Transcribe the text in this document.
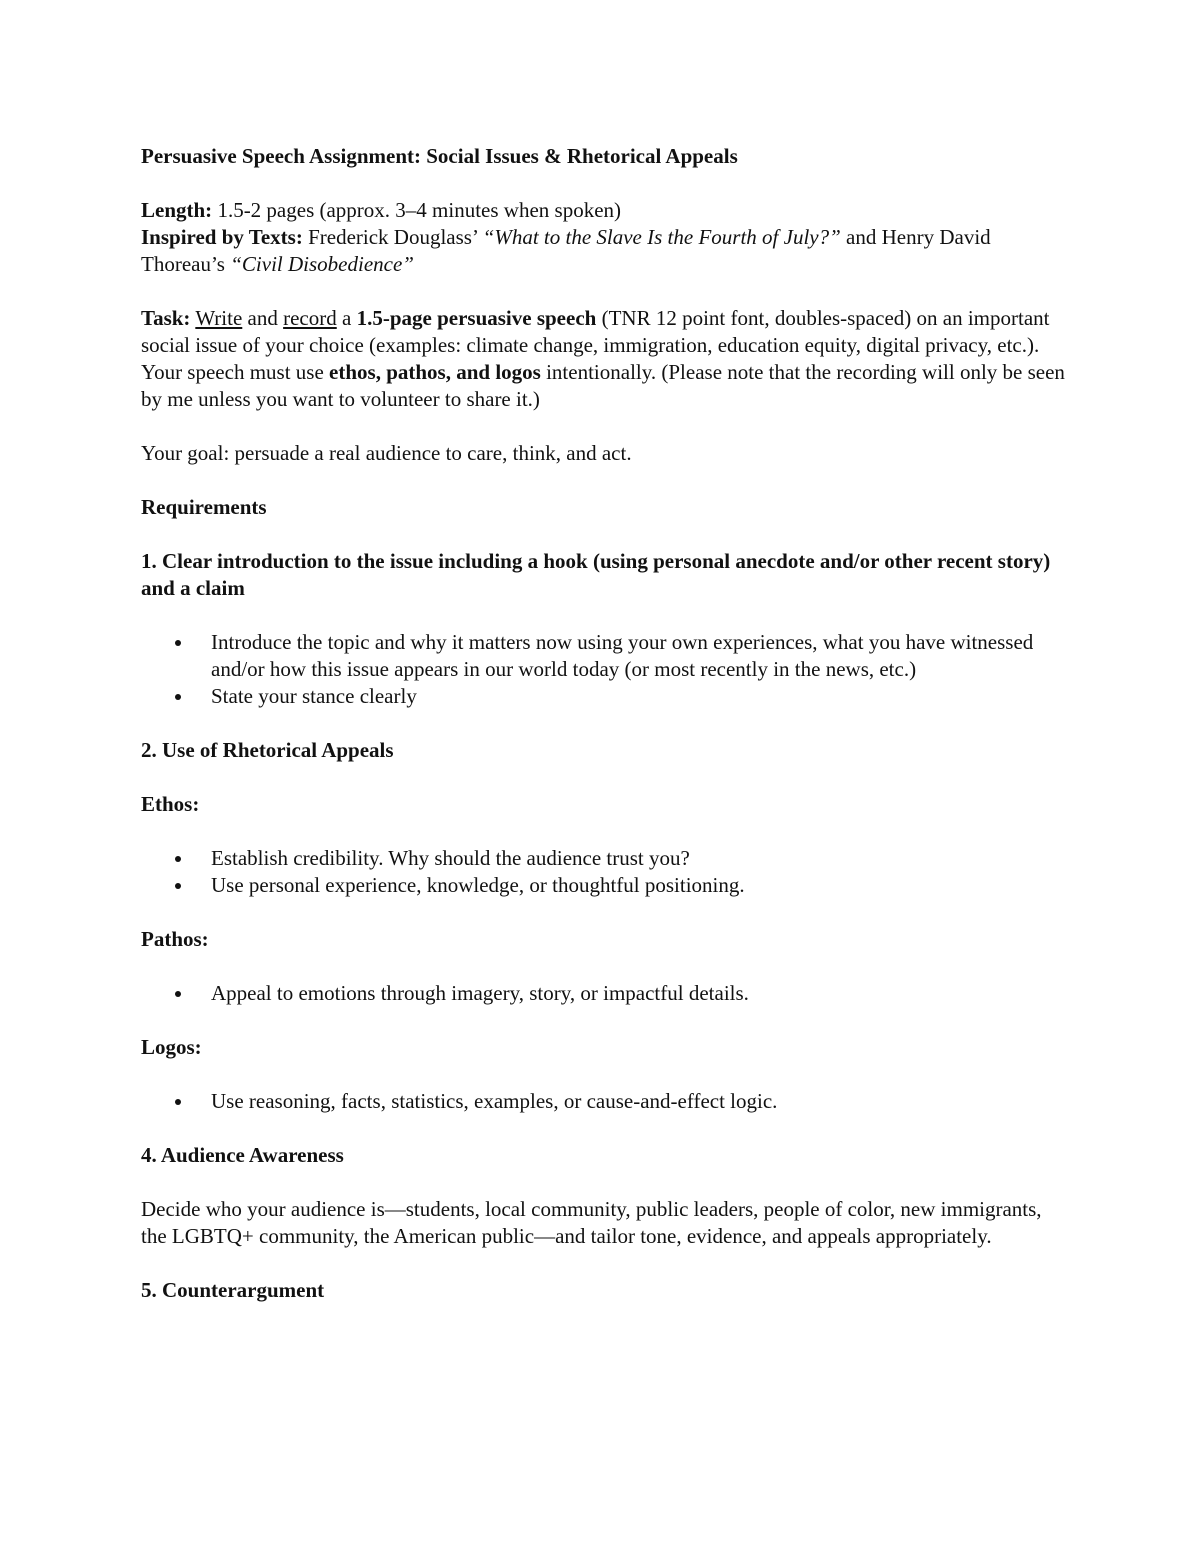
Persuasive Speech Assignment: Social Issues & Rhetorical Appeals

Length: 1.5-2 pages (approx. 3–4 minutes when spoken)

Inspired by Texts: Frederick Douglass’ “What to the Slave Is the Fourth of July?” and Henry David Thoreau’s “Civil Disobedience”

Task: Write and record a 1.5-page persuasive speech (TNR 12 point font, doubles-spaced) on an important social issue of your choice (examples: climate change, immigration, education equity, digital privacy, etc.). Your speech must use ethos, pathos, and logos intentionally. (Please note that the recording will only be seen by me unless you want to volunteer to share it.)

Your goal: persuade a real audience to care, think, and act.

Requirements

1. Clear introduction to the issue including a hook (using personal anecdote and/or other recent story) and a claim

Introduce the topic and why it matters now using your own experiences, what you have witnessed and/or how this issue appears in our world today (or most recently in the news, etc.)
State your stance clearly

2. Use of Rhetorical Appeals

Ethos:

Establish credibility. Why should the audience trust you?
Use personal experience, knowledge, or thoughtful positioning.

Pathos:

Appeal to emotions through imagery, story, or impactful details.

Logos:

Use reasoning, facts, statistics, examples, or cause-and-effect logic.

4. Audience Awareness

Decide who your audience is—students, local community, public leaders, people of color, new immigrants, the LGBTQ+ community, the American public—and tailor tone, evidence, and appeals appropriately.

5. Counterargument
